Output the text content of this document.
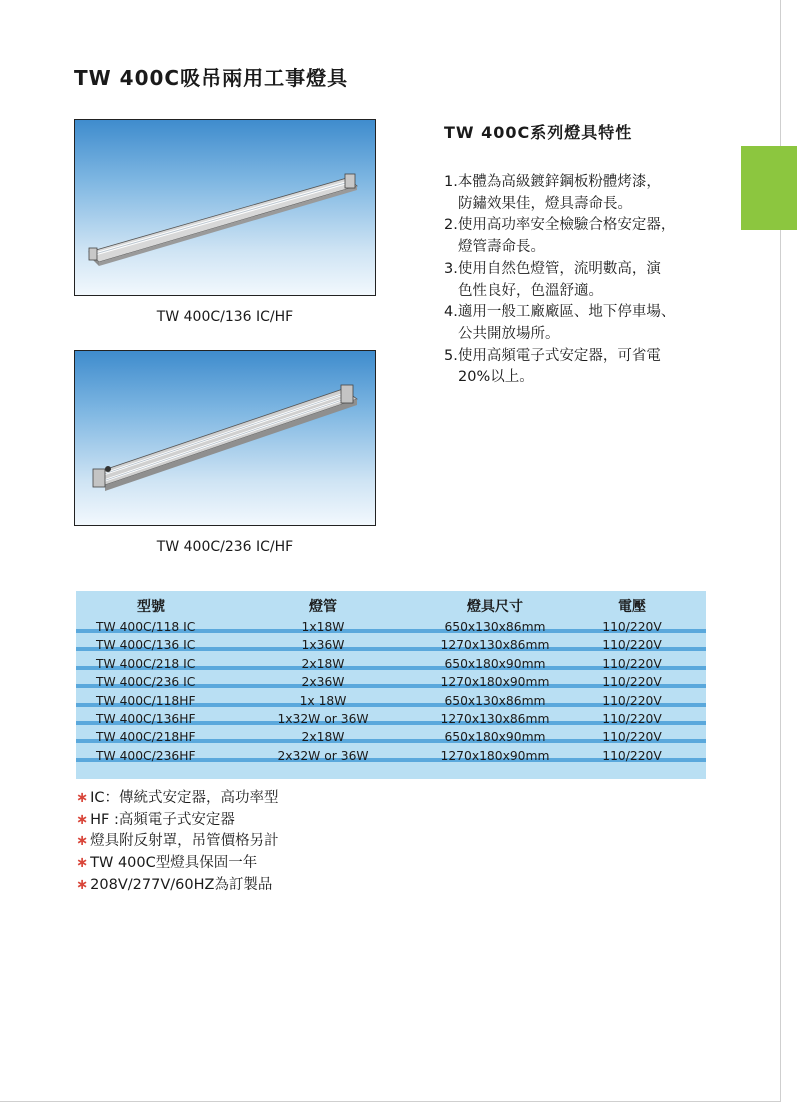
TW 400C吸吊兩用工事燈具
TW 400C/136 IC/HF
TW 400C/236 IC/HF
TW 400C系列燈具特性
1.本體為高級鍍鋅鋼板粉體烤漆，
防鏽效果佳，燈具壽命長。
2.使用高功率安全檢驗合格安定器，
燈管壽命長。
3.使用自然色燈管，流明數高，演
色性良好，色溫舒適。
4.適用一般工廠廠區、地下停車場、
公共開放場所。
5.使用高頻電子式安定器，可省電
20%以上。
型號	燈管	燈具尺寸	電壓
TW 400C/118 IC	1x18W	650x130x86mm	110/220V
TW 400C/136 IC	1x36W	1270x130x86mm	110/220V
TW 400C/218 IC	2x18W	650x180x90mm	110/220V
TW 400C/236 IC	2x36W	1270x180x90mm	110/220V
TW 400C/118HF	1x 18W	650x130x86mm	110/220V
TW 400C/136HF	1x32W or 36W	1270x130x86mm	110/220V
TW 400C/218HF	2x18W	650x180x90mm	110/220V
TW 400C/236HF	2x32W or 36W	1270x180x90mm	110/220V
∗ IC：傳統式安定器，高功率型
∗ HF :高頻電子式安定器
∗ 燈具附反射罩，吊管價格另計
∗ TW 400C型燈具保固一年
∗ 208V/277V/60HZ為訂製品
